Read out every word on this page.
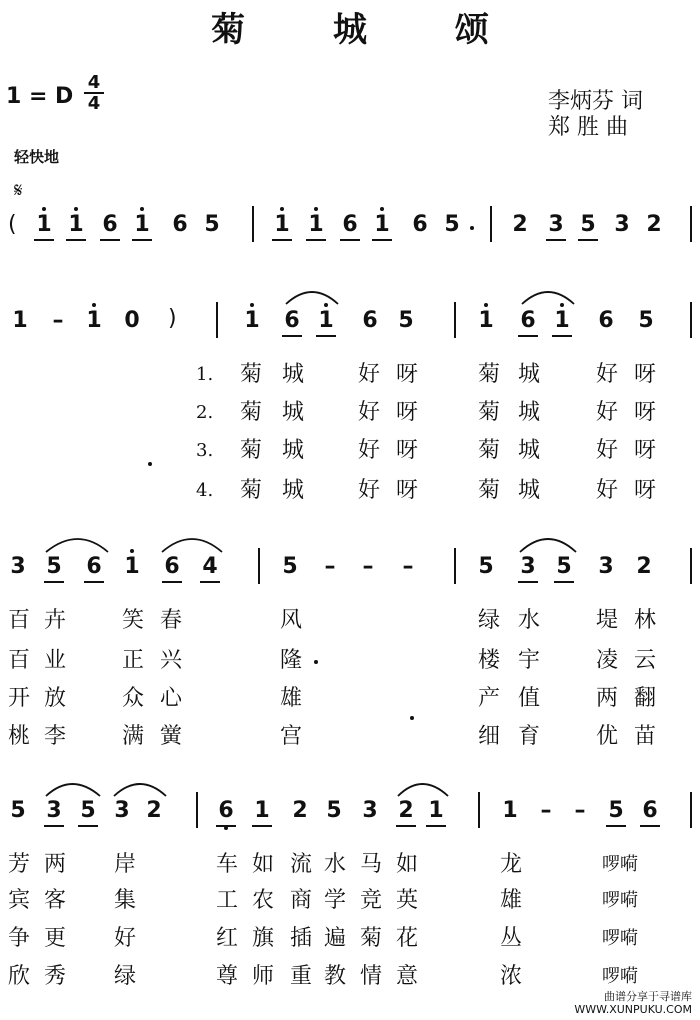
菊 城 颂
1 = D
4
4	李炳芬 词
郑 胜 曲
轻快地
𝄋
( 1 1 6 1 6 5 1 1 6 1 6 5 2 3 5 3 2
1 – 1 0 )	1 6 1 6 5	1 6 1 6 5
1.
2.
3.
4.
菊 城 好 呀	菊 城	好 呀
菊 城 好 呀	菊 城	好 呀
菊 城 好 呀	菊 城	好 呀
菊 城 好 呀	菊 城	好 呀
3 5 6 1 6 4	5 – – –	5 3 5 3 2
百 卉	笑 春	风	绿 水	堤 林
百 业	正 兴	隆	楼 宇	凌 云
开 放	众 心	雄	产 值	两 翻
桃 李	满 黉	宫	细 育	优 苗
5 3 5 3 2	6 1 2 5 3 2 1	1 – – 5 6
芳 两 岸	车 如 流 水 马 如	龙	啰嗬
宾 客 集	工 农 商 学 竞 英	雄	啰嗬
争 更 好	红 旗 插 遍 菊 花	丛	啰嗬
欣 秀 绿	尊 师 重 教 情 意	浓	啰嗬
曲谱分享于寻谱库
WWW.XUNPUKU.COM
